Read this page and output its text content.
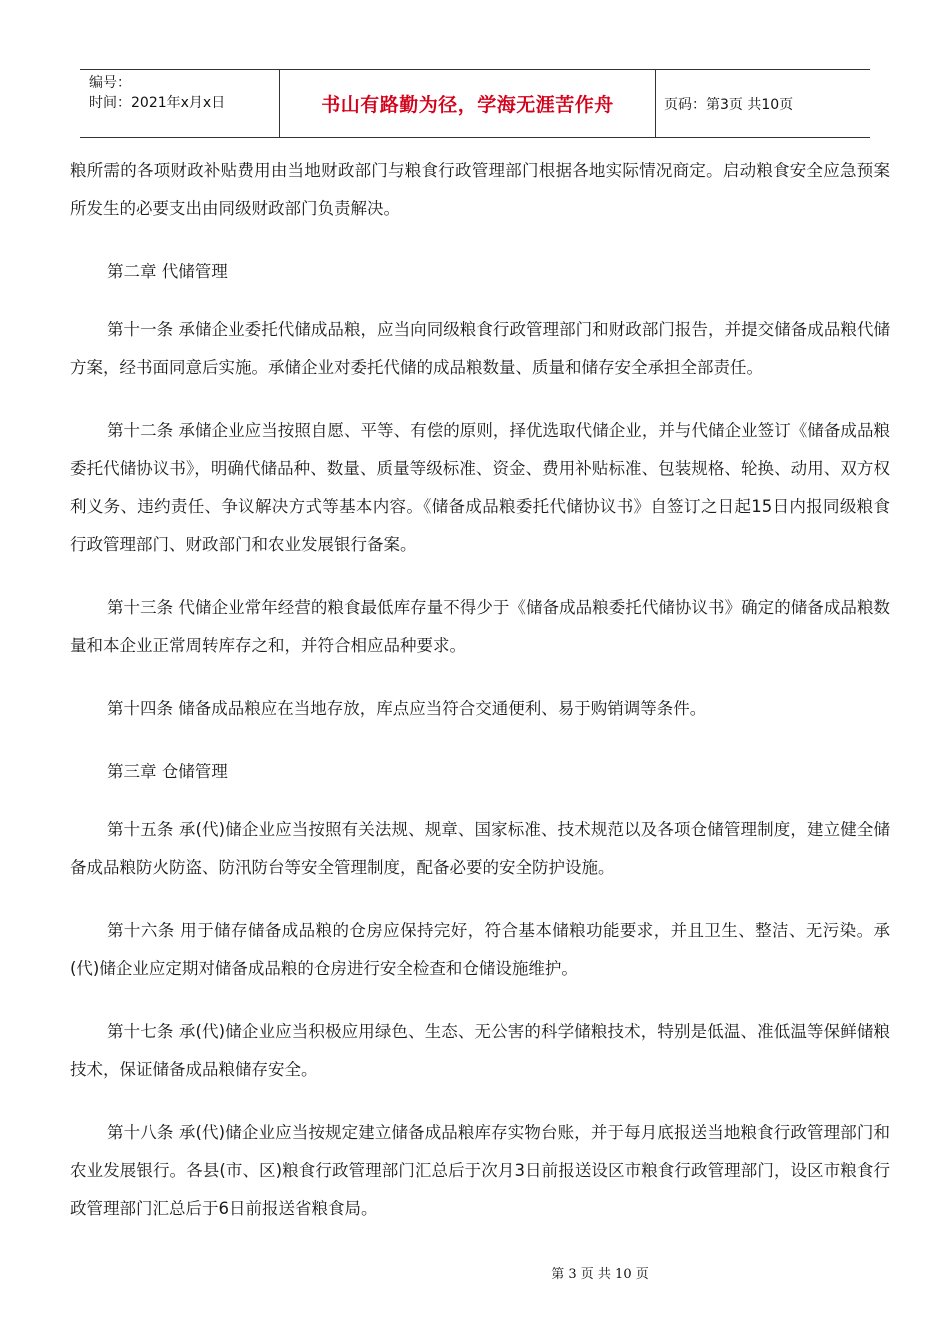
编号：
时间：2021年x月x日	书山有路勤为径，学海无涯苦作舟	页码：第3页 共10页

粮所需的各项财政补贴费用由当地财政部门与粮食行政管理部门根据各地实际情况商定。启动粮食安全应急预案所发生的必要支出由同级财政部门负责解决。

第二章 代储管理

第十一条 承储企业委托代储成品粮，应当向同级粮食行政管理部门和财政部门报告，并提交储备成品粮代储方案，经书面同意后实施。承储企业对委托代储的成品粮数量、质量和储存安全承担全部责任。

第十二条 承储企业应当按照自愿、平等、有偿的原则，择优选取代储企业，并与代储企业签订《储备成品粮委托代储协议书》，明确代储品种、数量、质量等级标准、资金、费用补贴标准、包装规格、轮换、动用、双方权利义务、违约责任、争议解决方式等基本内容。《储备成品粮委托代储协议书》自签订之日起15日内报同级粮食行政管理部门、财政部门和农业发展银行备案。

第十三条 代储企业常年经营的粮食最低库存量不得少于《储备成品粮委托代储协议书》确定的储备成品粮数量和本企业正常周转库存之和，并符合相应品种要求。

第十四条 储备成品粮应在当地存放，库点应当符合交通便利、易于购销调等条件。

第三章 仓储管理

第十五条 承(代)储企业应当按照有关法规、规章、国家标准、技术规范以及各项仓储管理制度，建立健全储备成品粮防火防盗、防汛防台等安全管理制度，配备必要的安全防护设施。

第十六条 用于储存储备成品粮的仓房应保持完好，符合基本储粮功能要求，并且卫生、整洁、无污染。承(代)储企业应定期对储备成品粮的仓房进行安全检查和仓储设施维护。

第十七条 承(代)储企业应当积极应用绿色、生态、无公害的科学储粮技术，特别是低温、准低温等保鲜储粮技术，保证储备成品粮储存安全。

第十八条 承(代)储企业应当按规定建立储备成品粮库存实物台账，并于每月底报送当地粮食行政管理部门和农业发展银行。各县(市、区)粮食行政管理部门汇总后于次月3日前报送设区市粮食行政管理部门，设区市粮食行政管理部门汇总后于6日前报送省粮食局。

第 3 页 共 10 页
